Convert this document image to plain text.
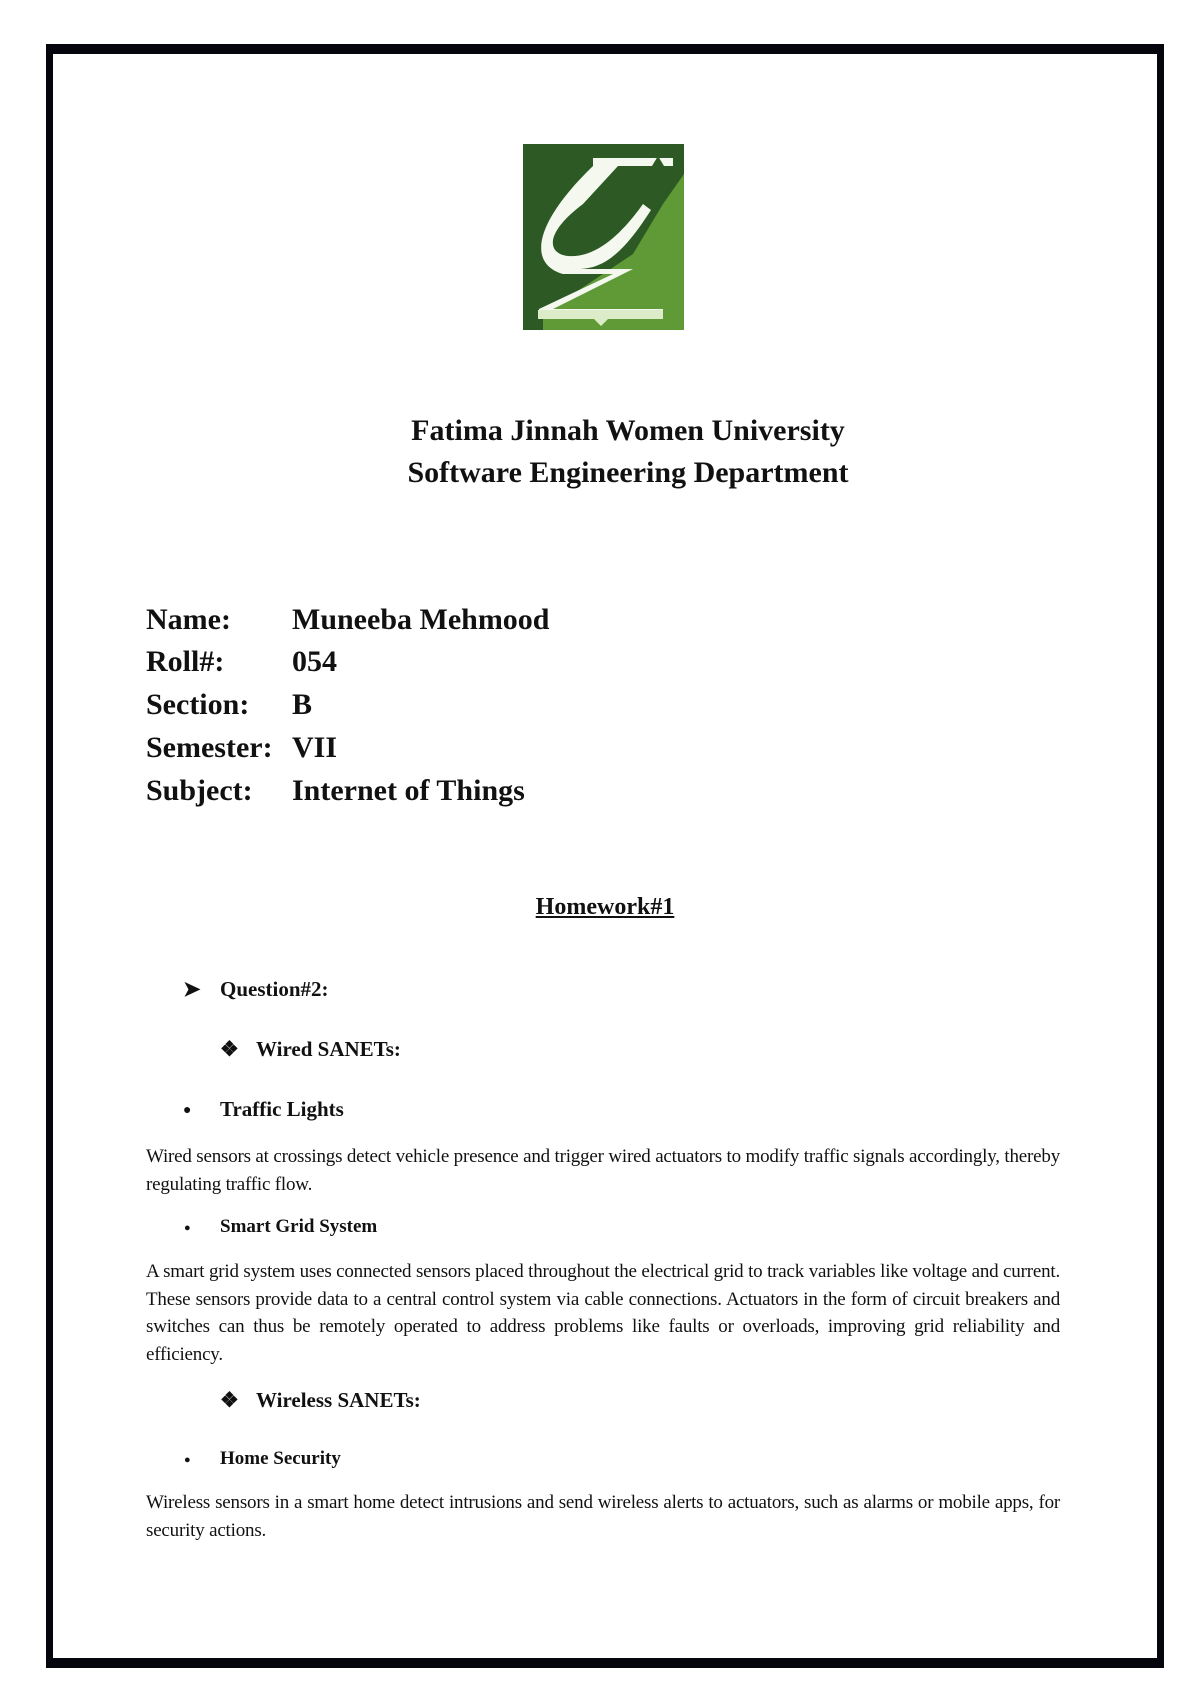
Fatima Jinnah Women University
Software Engineering Department
Name: Muneeba Mehmood
Roll#: 054
Section: B
Semester: VII
Subject: Internet of Things
Homework#1
➤ Question#2:
❖ Wired SANETs:
● Traffic Lights
Wired sensors at crossings detect vehicle presence and trigger wired actuators to modify traffic signals accordingly, thereby regulating traffic flow.
● Smart Grid System
A smart grid system uses connected sensors placed throughout the electrical grid to track variables like voltage and current. These sensors provide data to a central control system via cable connections. Actuators in the form of circuit breakers and switches can thus be remotely operated to address problems like faults or overloads, improving grid reliability and efficiency.
❖ Wireless SANETs:
● Home Security
Wireless sensors in a smart home detect intrusions and send wireless alerts to actuators, such as alarms or mobile apps, for security actions.
